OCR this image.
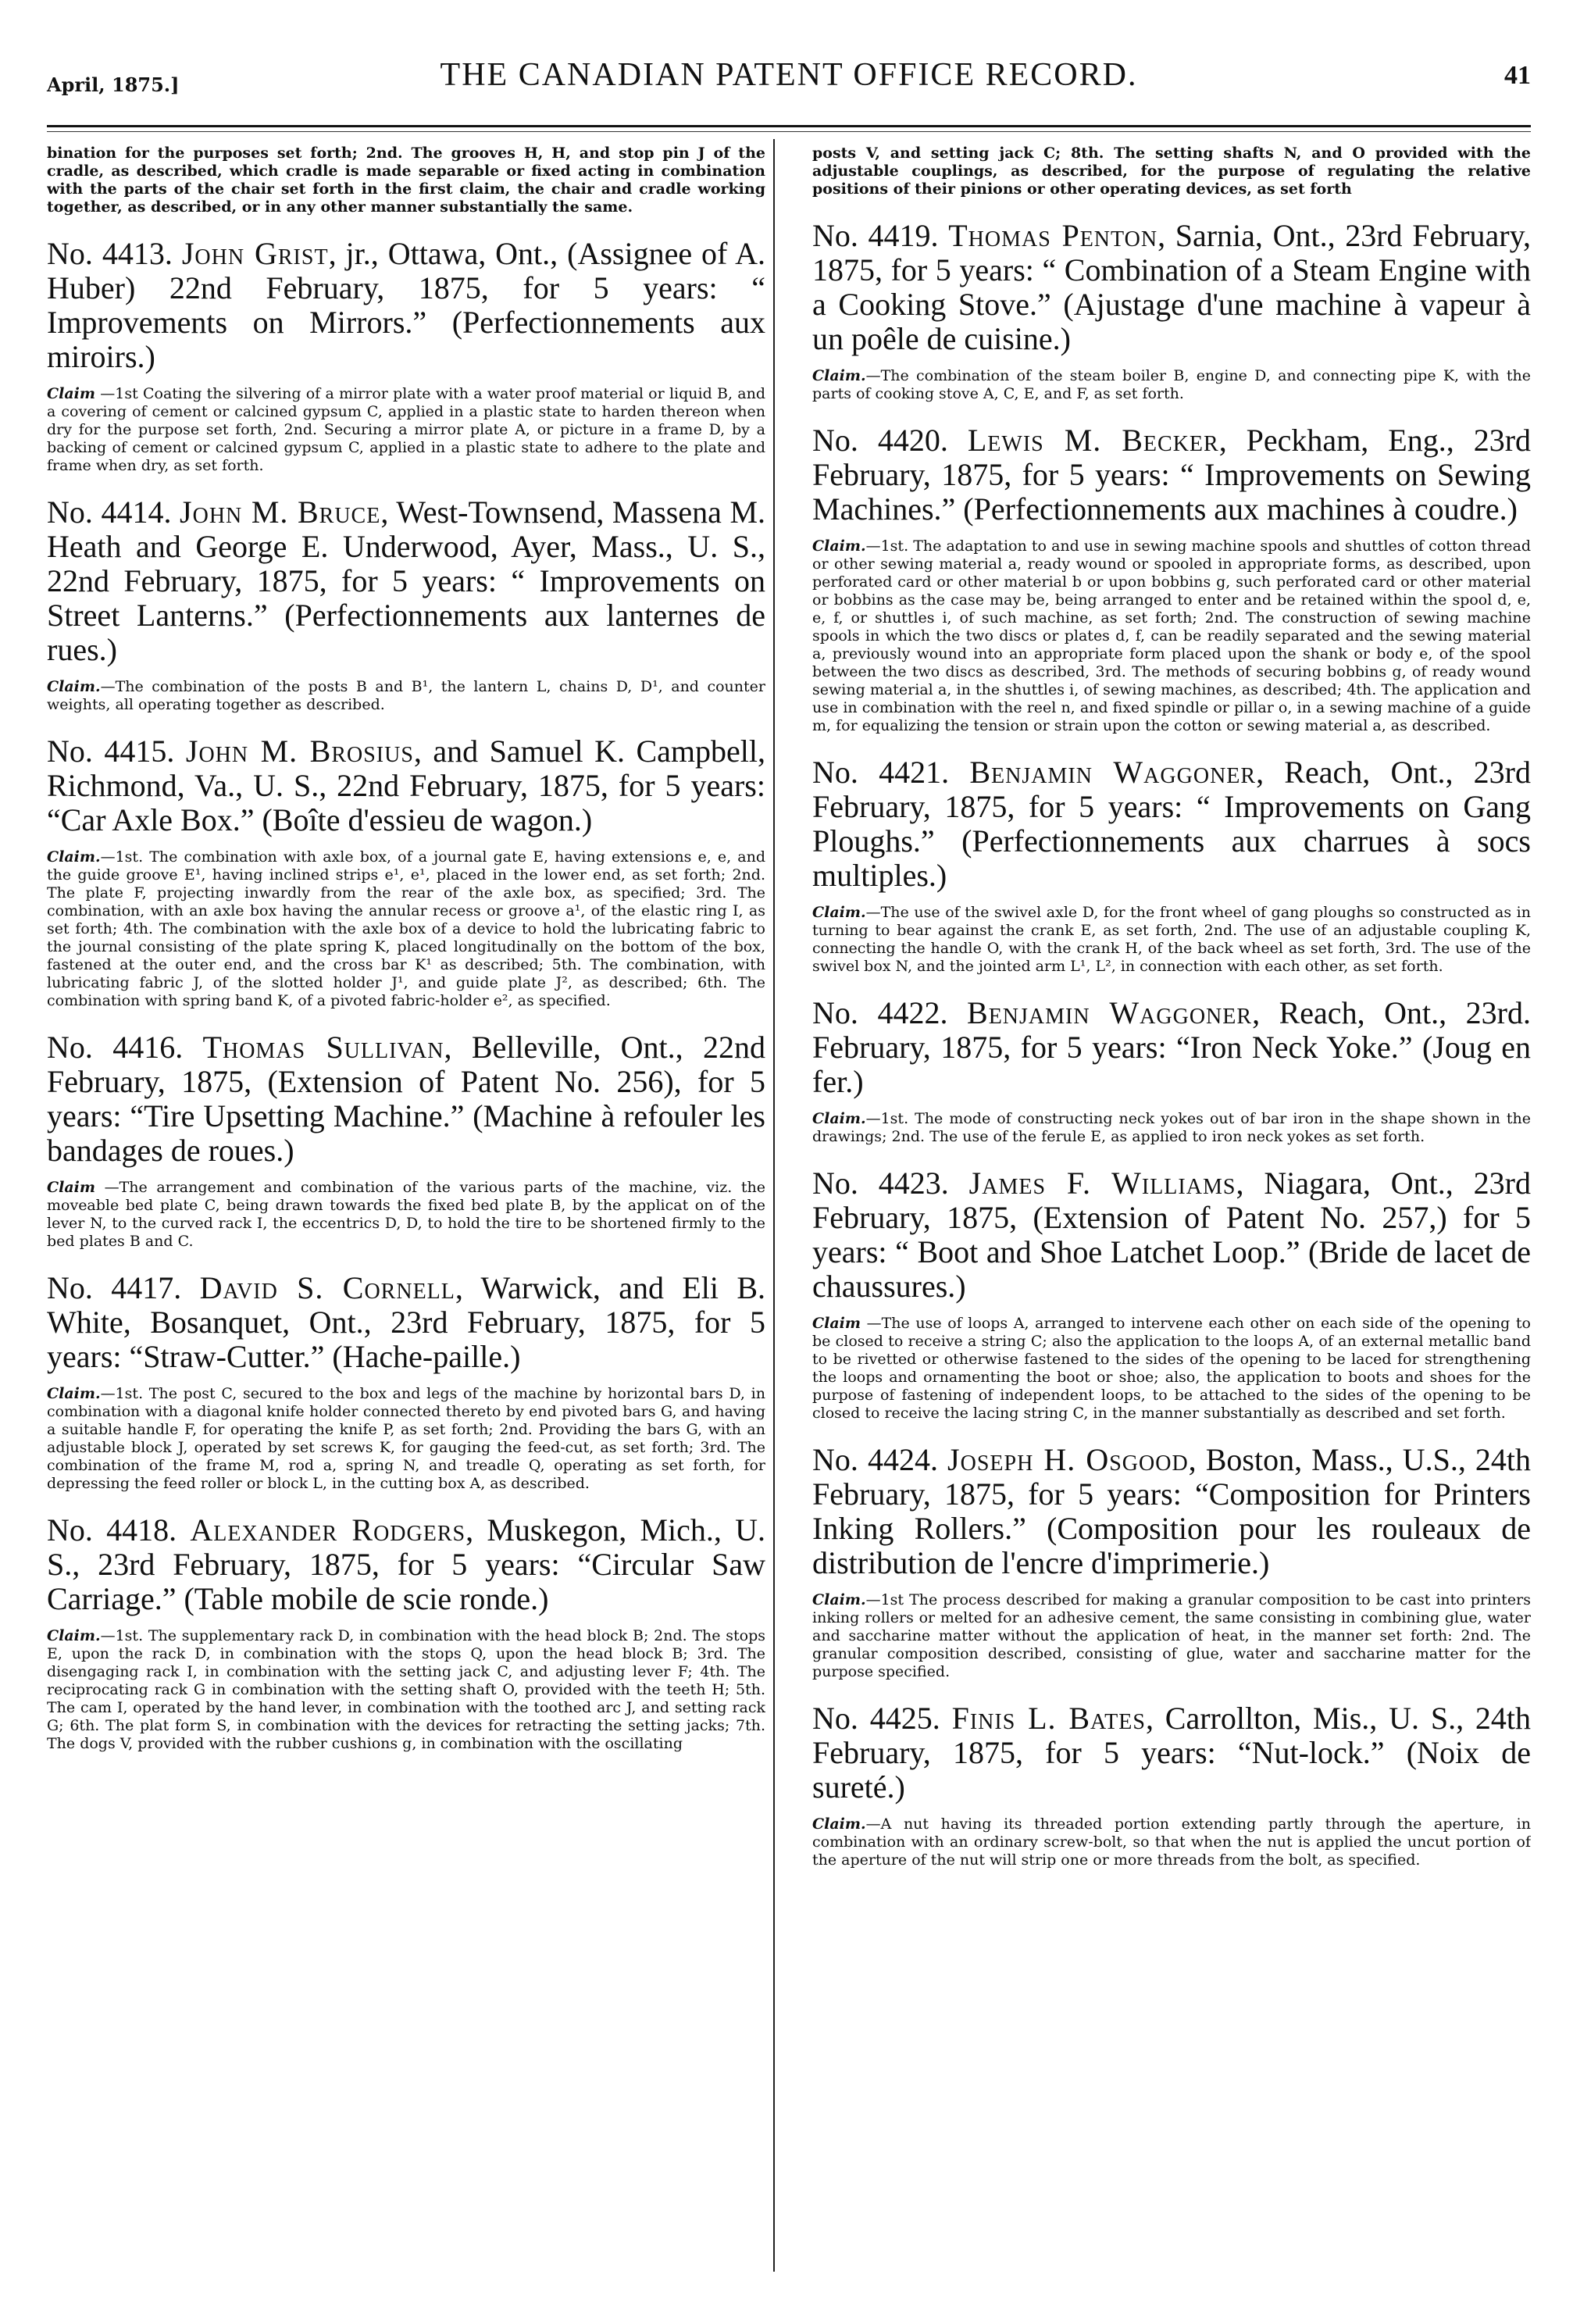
April, 1875.]	THE CANADIAN PATENT OFFICE RECORD.	41

bination for the purposes set forth; 2nd. The grooves H, H, and stop pin J of the cradle, as described, which cradle is made separable or fixed acting in combination with the parts of the chair set forth in the first claim, the chair and cradle working together, as described, or in any other manner substantially the same.

No. 4413. John Grist, jr., Ottawa, Ont., (Assignee of A. Huber) 22nd February, 1875, for 5 years: “ Improvements on Mirrors.” (Perfectionnements aux miroirs.)

Claim —1st Coating the silvering of a mirror plate with a water proof material or liquid B, and a covering of cement or calcined gypsum C, applied in a plastic state to harden thereon when dry for the purpose set forth, 2nd. Securing a mirror plate A, or picture in a frame D, by a backing of cement or calcined gypsum C, applied in a plastic state to adhere to the plate and frame when dry, as set forth.

No. 4414. John M. Bruce, West-Townsend, Massena M. Heath and George E. Underwood, Ayer, Mass., U. S., 22nd February, 1875, for 5 years: “ Improvements on Street Lanterns.” (Perfectionnements aux lanternes de rues.)

Claim.—The combination of the posts B and B¹, the lantern L, chains D, D¹, and counter weights, all operating together as described.

No. 4415. John M. Brosius, and Samuel K. Campbell, Richmond, Va., U. S., 22nd February, 1875, for 5 years: “Car Axle Box.” (Boîte d'essieu de wagon.)

Claim.—1st. The combination with axle box, of a journal gate E, having extensions e, e, and the guide groove E¹, having inclined strips e¹, e¹, placed in the lower end, as set forth; 2nd. The plate F, projecting inwardly from the rear of the axle box, as specified; 3rd. The combination, with an axle box having the annular recess or groove a¹, of the elastic ring I, as set forth; 4th. The combination with the axle box of a device to hold the lubricating fabric to the journal consisting of the plate spring K, placed longitudinally on the bottom of the box, fastened at the outer end, and the cross bar K¹ as described; 5th. The combination, with lubricating fabric J, of the slotted holder J¹, and guide plate J², as described; 6th. The combination with spring band K, of a pivoted fabric-holder e², as specified.

No. 4416. Thomas Sullivan, Belleville, Ont., 22nd February, 1875, (Extension of Patent No. 256), for 5 years: “Tire Upsetting Machine.” (Machine à refouler les bandages de roues.)

Claim —The arrangement and combination of the various parts of the machine, viz. the moveable bed plate C, being drawn towards the fixed bed plate B, by the applicat on of the lever N, to the curved rack I, the eccentrics D, D, to hold the tire to be shortened firmly to the bed plates B and C.

No. 4417. David S. Cornell, Warwick, and Eli B. White, Bosanquet, Ont., 23rd February, 1875, for 5 years: “Straw-Cutter.” (Hache-paille.)

Claim.—1st. The post C, secured to the box and legs of the machine by horizontal bars D, in combination with a diagonal knife holder connected thereto by end pivoted bars G, and having a suitable handle F, for operating the knife P, as set forth; 2nd. Providing the bars G, with an adjustable block J, operated by set screws K, for gauging the feed-cut, as set forth; 3rd. The combination of the frame M, rod a, spring N, and treadle Q, operating as set forth, for depressing the feed roller or block L, in the cutting box A, as described.

No. 4418. Alexander Rodgers, Muskegon, Mich., U. S., 23rd February, 1875, for 5 years: “Circular Saw Carriage.” (Table mobile de scie ronde.)

Claim.—1st. The supplementary rack D, in combination with the head block B; 2nd. The stops E, upon the rack D, in combination with the stops Q, upon the head block B; 3rd. The disengaging rack I, in combination with the setting jack C, and adjusting lever F; 4th. The reciprocating rack G in combination with the setting shaft O, provided with the teeth H; 5th. The cam I, operated by the hand lever, in combination with the toothed arc J, and setting rack G; 6th. The plat form S, in combination with the devices for retracting the setting jacks; 7th. The dogs V, provided with the rubber cushions g, in combination with the oscillating

posts V, and setting jack C; 8th. The setting shafts N, and O provided with the adjustable couplings, as described, for the purpose of regulating the relative positions of their pinions or other operating devices, as set forth

No. 4419. Thomas Penton, Sarnia, Ont., 23rd February, 1875, for 5 years: “ Combination of a Steam Engine with a Cooking Stove.” (Ajustage d'une machine à vapeur à un poêle de cuisine.)

Claim.—The combination of the steam boiler B, engine D, and connecting pipe K, with the parts of cooking stove A, C, E, and F, as set forth.

No. 4420. Lewis M. Becker, Peckham, Eng., 23rd February, 1875, for 5 years: “ Improvements on Sewing Machines.” (Perfectionnements aux machines à coudre.)

Claim.—1st. The adaptation to and use in sewing machine spools and shuttles of cotton thread or other sewing material a, ready wound or spooled in appropriate forms, as described, upon perforated card or other material b or upon bobbins g, such perforated card or other material or bobbins as the case may be, being arranged to enter and be retained within the spool d, e, e, f, or shuttles i, of such machine, as set forth; 2nd. The construction of sewing machine spools in which the two discs or plates d, f, can be readily separated and the sewing material a, previously wound into an appropriate form placed upon the shank or body e, of the spool between the two discs as described, 3rd. The methods of securing bobbins g, of ready wound sewing material a, in the shuttles i, of sewing machines, as described; 4th. The application and use in combination with the reel n, and fixed spindle or pillar o, in a sewing machine of a guide m, for equalizing the tension or strain upon the cotton or sewing material a, as described.

No. 4421. Benjamin Waggoner, Reach, Ont., 23rd February, 1875, for 5 years: “ Improvements on Gang Ploughs.” (Perfectionnements aux charrues à socs multiples.)

Claim.—The use of the swivel axle D, for the front wheel of gang ploughs so constructed as in turning to bear against the crank E, as set forth, 2nd. The use of an adjustable coupling K, connecting the handle O, with the crank H, of the back wheel as set forth, 3rd. The use of the swivel box N, and the jointed arm L¹, L², in connection with each other, as set forth.

No. 4422. Benjamin Waggoner, Reach, Ont., 23rd. February, 1875, for 5 years: “Iron Neck Yoke.” (Joug en fer.)

Claim.—1st. The mode of constructing neck yokes out of bar iron in the shape shown in the drawings; 2nd. The use of the ferule E, as applied to iron neck yokes as set forth.

No. 4423. James F. Williams, Niagara, Ont., 23rd February, 1875, (Extension of Patent No. 257,) for 5 years: “ Boot and Shoe Latchet Loop.” (Bride de lacet de chaussures.)

Claim —The use of loops A, arranged to intervene each other on each side of the opening to be closed to receive a string C; also the application to the loops A, of an external metallic band to be rivetted or otherwise fastened to the sides of the opening to be laced for strengthening the loops and ornamenting the boot or shoe; also, the application to boots and shoes for the purpose of fastening of independent loops, to be attached to the sides of the opening to be closed to receive the lacing string C, in the manner substantially as described and set forth.

No. 4424. Joseph H. Osgood, Boston, Mass., U.S., 24th February, 1875, for 5 years: “Composition for Printers Inking Rollers.” (Composition pour les rouleaux de distribution de l'encre d'imprimerie.)

Claim.—1st The process described for making a granular composition to be cast into printers inking rollers or melted for an adhesive cement, the same consisting in combining glue, water and saccharine matter without the application of heat, in the manner set forth: 2nd. The granular composition described, consisting of glue, water and saccharine matter for the purpose specified.

No. 4425. Finis L. Bates, Carrollton, Mis., U. S., 24th February, 1875, for 5 years: “Nut-lock.” (Noix de sureté.)

Claim.—A nut having its threaded portion extending partly through the aperture, in combination with an ordinary screw-bolt, so that when the nut is applied the uncut portion of the aperture of the nut will strip one or more threads from the bolt, as specified.
